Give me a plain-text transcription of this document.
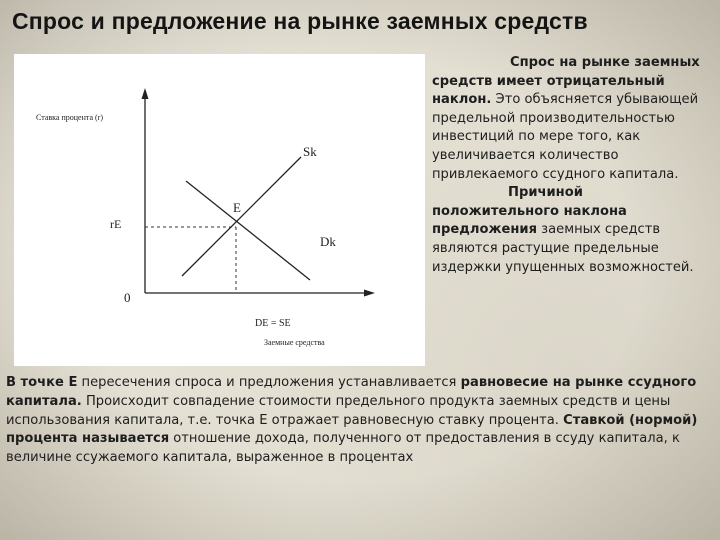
Спрос и предложение на рынке заемных средств
Ставка процента (r)
Sk
E
rE
Dk
0
DE = SE
Заемные средства

Спрос на рынке заемных средств имеет отрицательный наклон. Это объясняется убывающей предельной производительностью инвестиций по мере того, как увеличивается количество привлекаемого ссудного капитала.

Причиной положительного наклона предложения заемных средств являются растущие предельные издержки упущенных возможностей.

В точке Е пересечения спроса и предложения устанавливается равновесие на рынке ссудного капитала. Происходит совпадение стоимости предельного продукта заемных средств и цены использования капитала, т.е. точка Е отражает равновесную ставку процента. Ставкой (нормой) процента называется отношение дохода, полученного от предоставления в ссуду капитала, к величине ссужаемого капитала, выраженное в процентах
